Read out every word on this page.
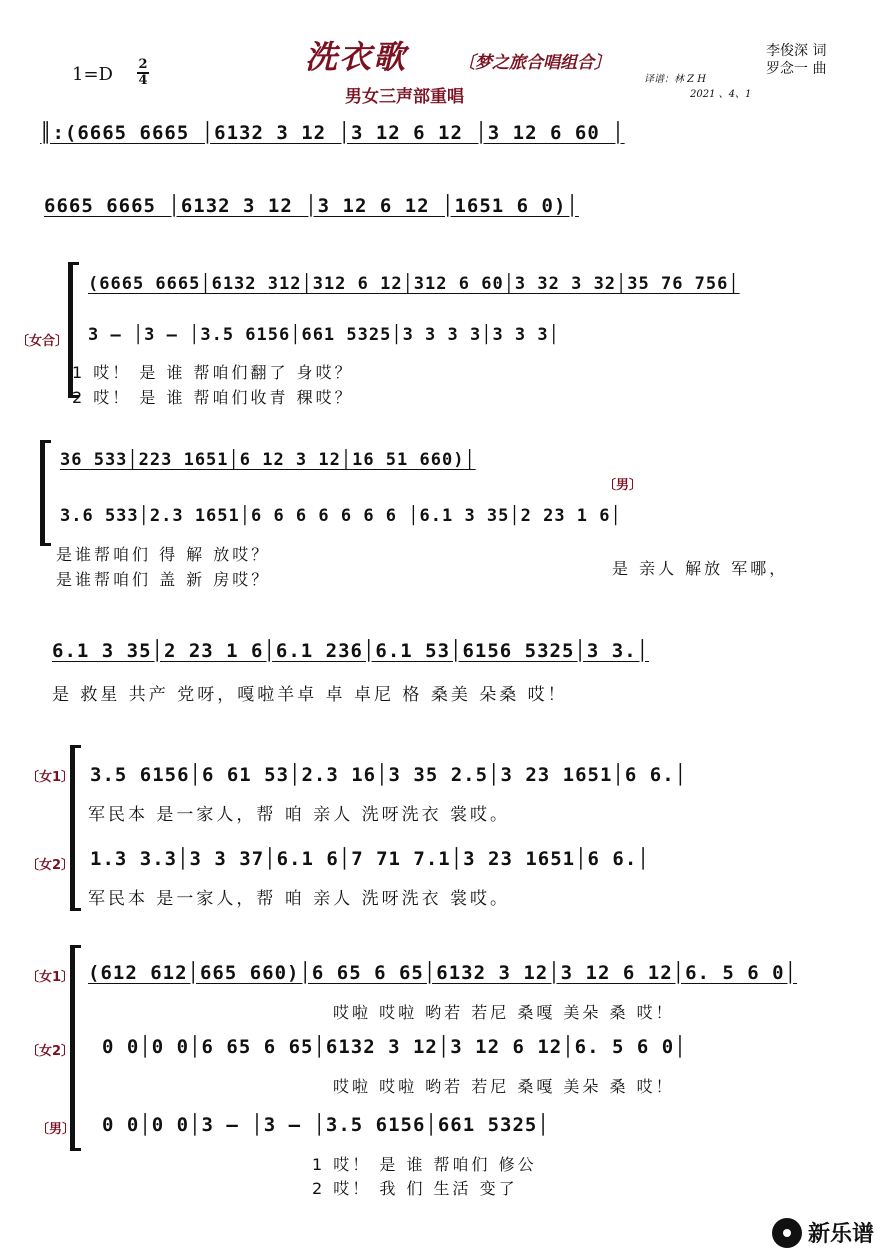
洗衣歌	〔梦之旅合唱组合〕
男女三声部重唱
李俊深 词
罗念一 曲
译谱：林 Z H
2021 、4、1
1=D 2
4
║:(6665 6665 │6132 3 12 │3 12 6 12 │3 12 6 60 │
6665 6665 │6132 3 12 │3 12 6 12 │1651 6 0)│
〔女合〕
(6665 6665│6132 312│312 6 12│312 6 60│3 32 3 32│35 76 756│
3 – │3 – │3.5 6156│661 5325│3 3 3 3│3 3 3│
1 哎！ 是 谁 帮咱们翻了 身哎？
2 哎！ 是 谁 帮咱们收青 稞哎？
36 533│223 1651│6 12 3 12│16 51 660)│
〔男〕
3.6 533│2.3 1651│6 6 6 6 6 6 6 │6.1 3 35│2 23 1 6│
是谁帮咱们 得 解 放哎？
是谁帮咱们 盖 新 房哎？
是 亲人 解放 军哪，
6.1 3 35│2 23 1 6│6.1 236│6.1 53│6156 5325│3 3.│
是 救星 共产 党呀，嘎啦羊卓 卓 卓尼 格 桑美 朵桑 哎！
〔女1〕 3.5 6156│6 61 53│2.3 16│3 35 2.5│3 23 1651│6 6.│
军民本 是一家人，帮 咱 亲人 洗呀洗衣 裳哎。
〔女2〕 1.3 3.3│3 3 37│6.1 6│7 71 7.1│3 23 1651│6 6.│
军民本 是一家人，帮 咱 亲人 洗呀洗衣 裳哎。
〔女1〕 (612 612│665 660)│6 65 6 65│6132 3 12│3 12 6 12│6. 5 6 0│
哎啦 哎啦 哟若 若尼 桑嘎 美朵 桑 哎！
〔女2〕 0 0│0 0│6 65 6 65│6132 3 12│3 12 6 12│6. 5 6 0│
哎啦 哎啦 哟若 若尼 桑嘎 美朵 桑 哎！
〔男〕 0 0│0 0│3 – │3 – │3.5 6156│661 5325│
1 哎！ 是 谁 帮咱们 修公
2 哎！ 我 们 生活 变了
新乐谱
